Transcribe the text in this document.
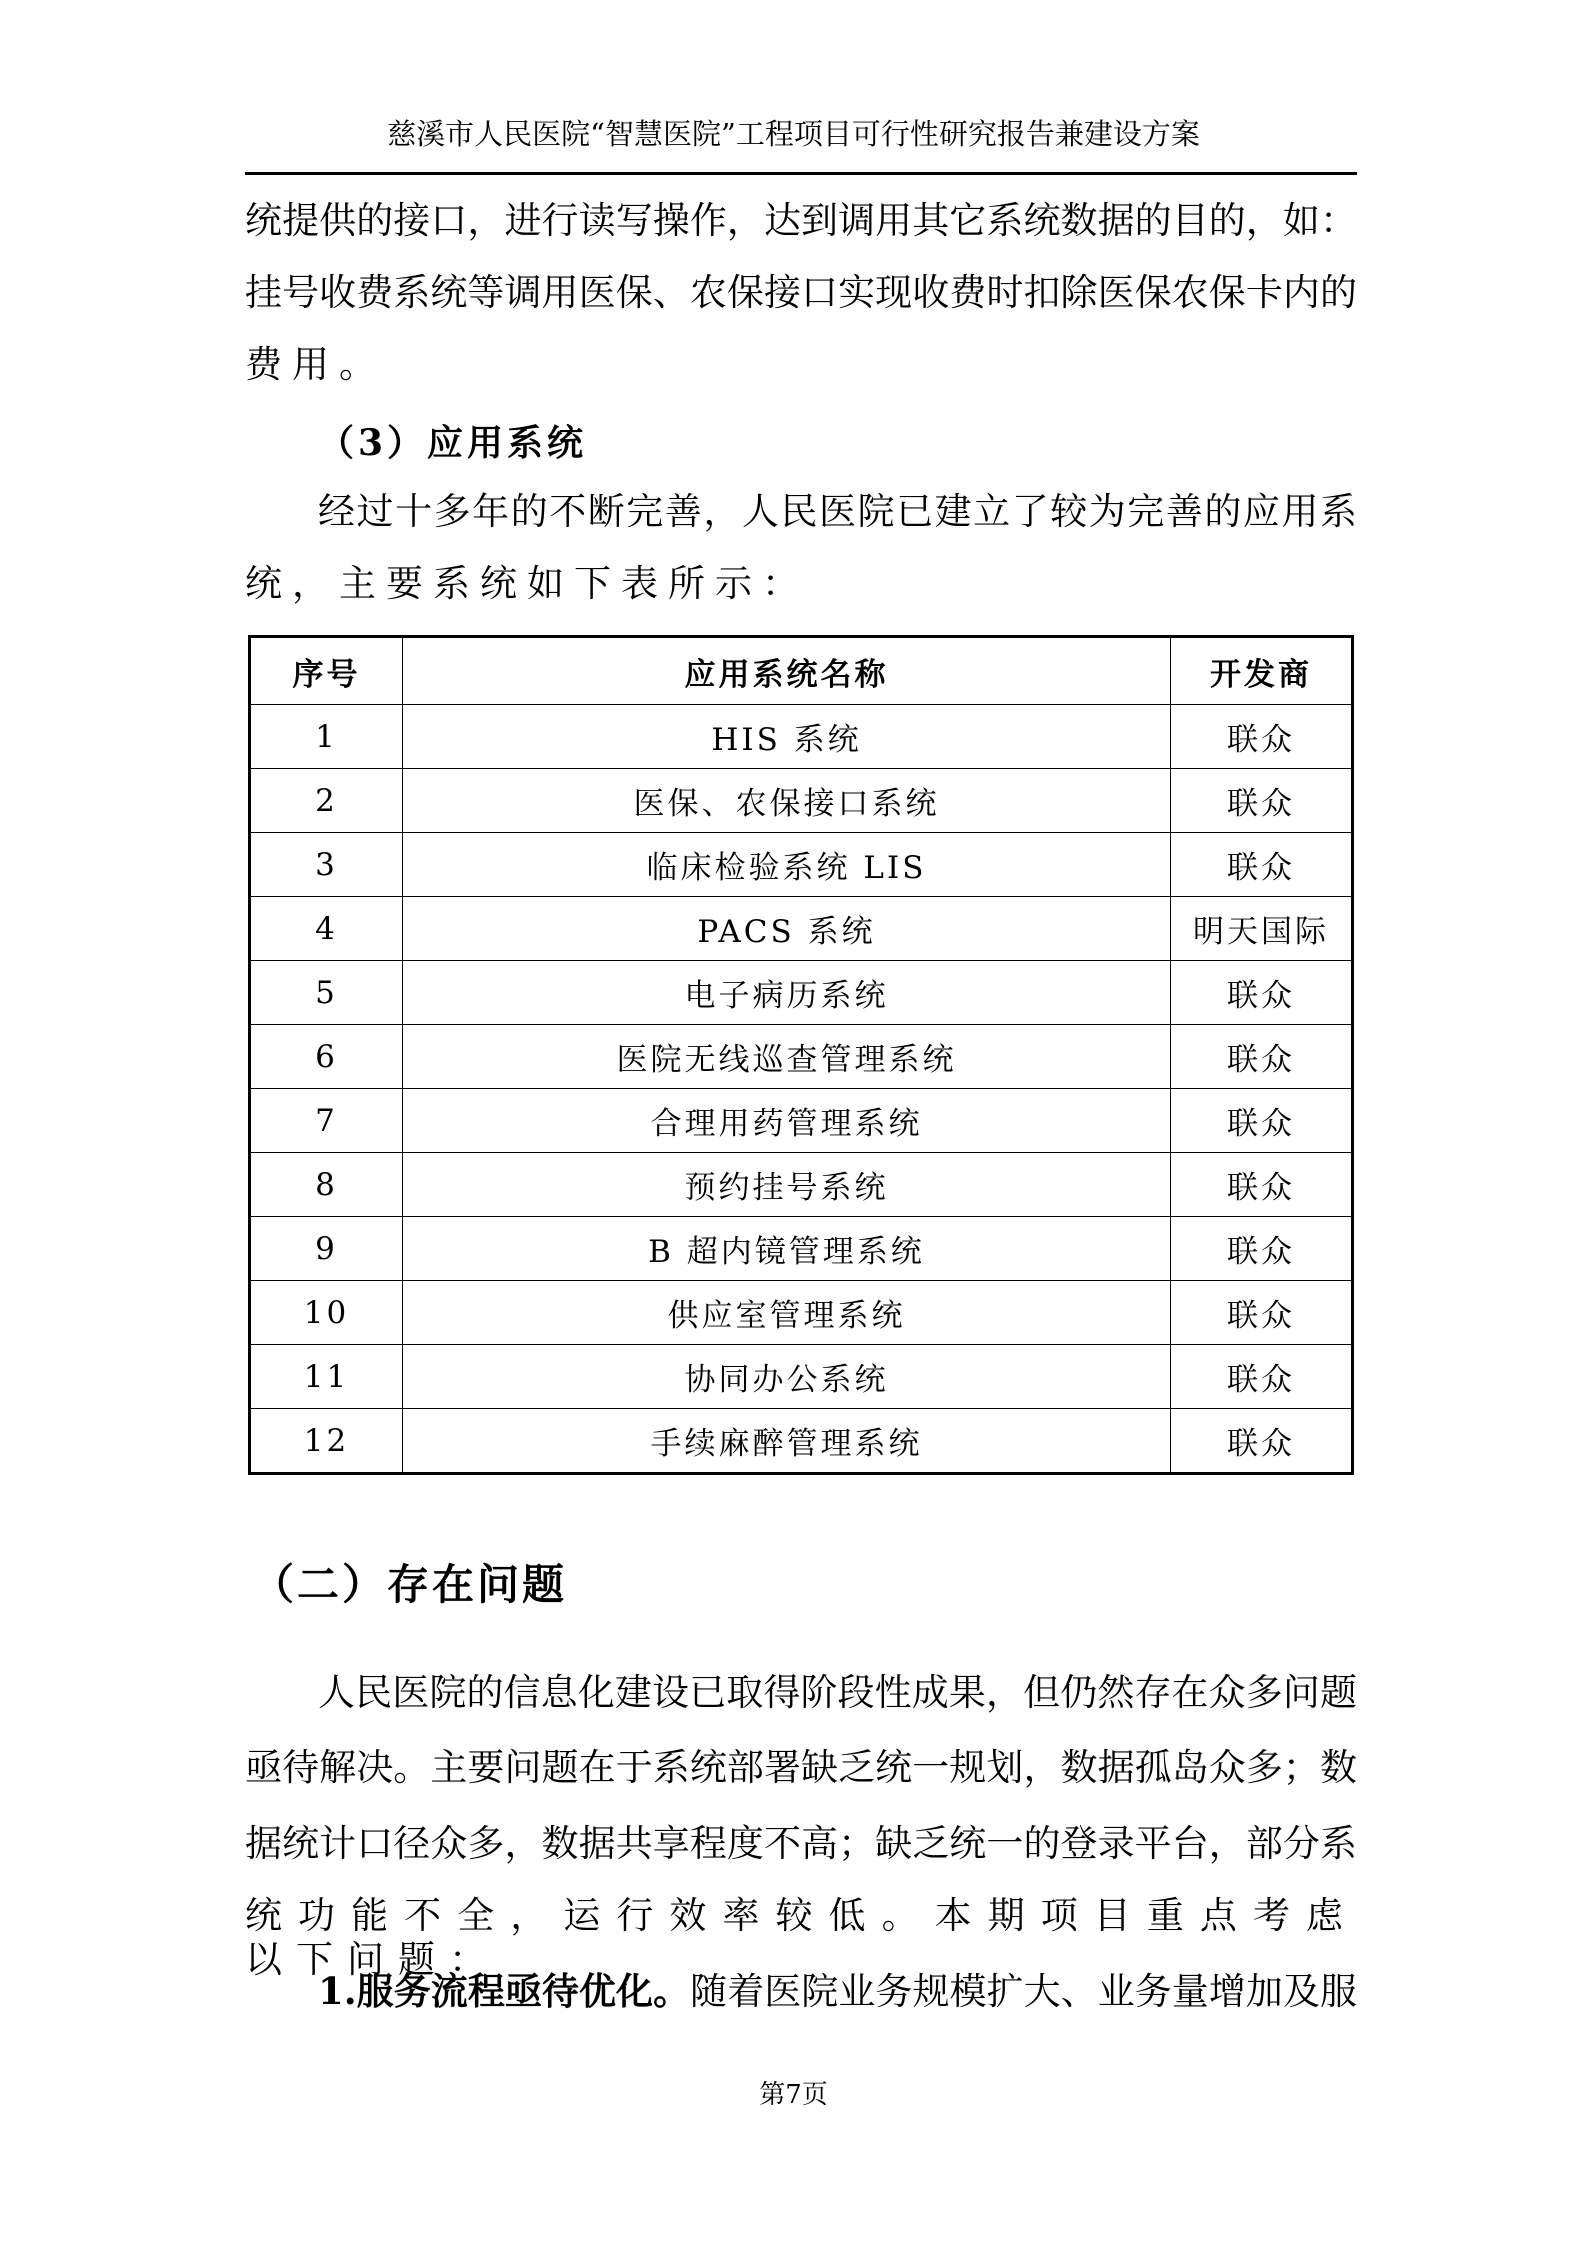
慈溪市人民医院“智慧医院”工程项目可行性研究报告兼建设方案
统提供的接口，进行读写操作，达到调用其它系统数据的目的，如：
挂号收费系统等调用医保、农保接口实现收费时扣除医保农保卡内的
费用。
（3）应用系统
经过十多年的不断完善，人民医院已建立了较为完善的应用系
统，主要系统如下表所示：
序号	应用系统名称	开发商
1	HIS 系统	联众
2	医保、农保接口系统	联众
3	临床检验系统 LIS	联众
4	PACS 系统	明天国际
5	电子病历系统	联众
6	医院无线巡查管理系统	联众
7	合理用药管理系统	联众
8	预约挂号系统	联众
9	B 超内镜管理系统	联众
10	供应室管理系统	联众
11	协同办公系统	联众
12	手续麻醉管理系统	联众
（二）存在问题
人民医院的信息化建设已取得阶段性成果，但仍然存在众多问题
亟待解决。主要问题在于系统部署缺乏统一规划，数据孤岛众多；数
据统计口径众多，数据共享程度不高；缺乏统一的登录平台，部分系
统功能不全，运行效率较低。本期项目重点考虑以下问题：
1.服务流程亟待优化。随着医院业务规模扩大、业务量增加及服
第7页
